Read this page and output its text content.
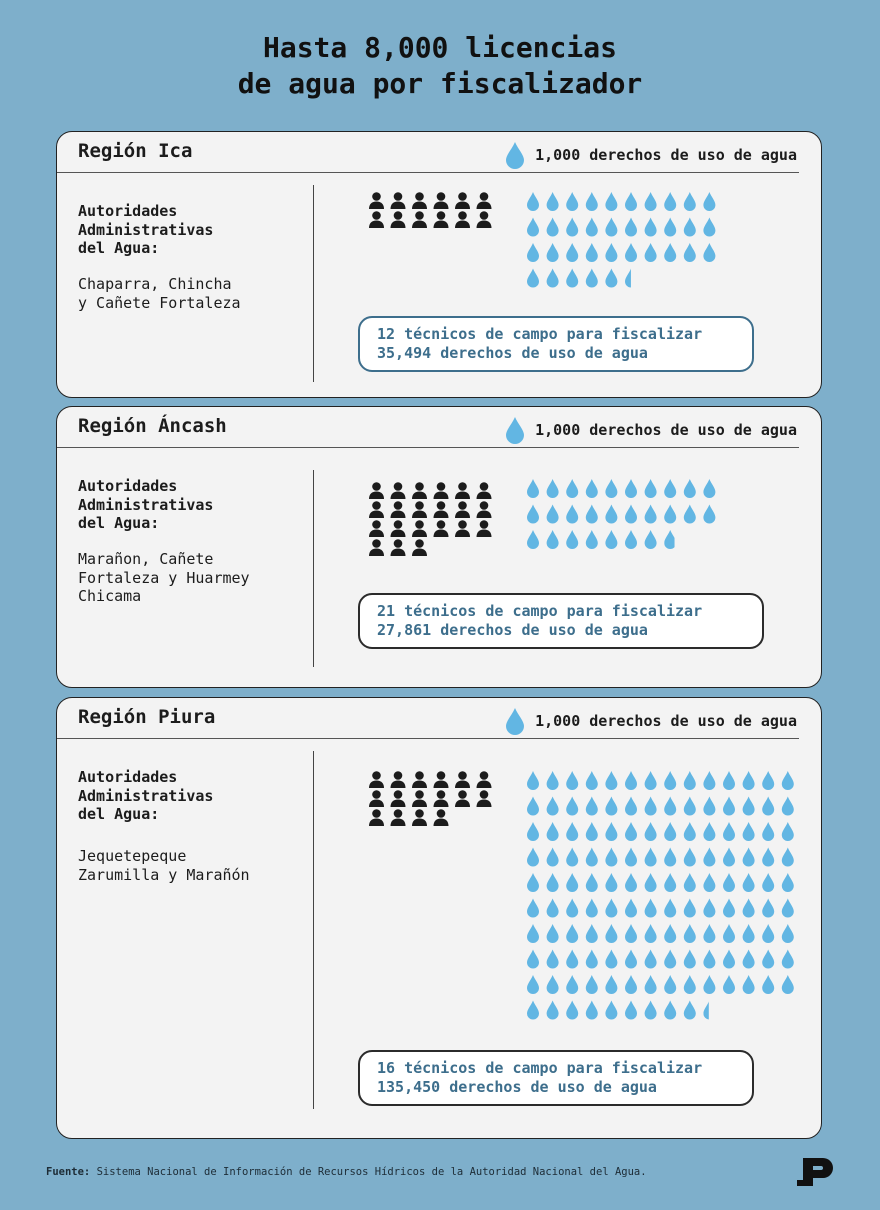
Hasta 8,000 licencias
de agua por fiscalizador
Región Ica	1,000 derechos de uso de agua
Autoridades
Administrativas
del Agua:
Chaparra, Chincha
y Cañete Fortaleza
12 técnicos de campo para fiscalizar
35,494 derechos de uso de agua
Región Áncash	1,000 derechos de uso de agua
Autoridades
Administrativas
del Agua:
Marañon, Cañete
Fortaleza y Huarmey
Chicama
21 técnicos de campo para fiscalizar
27,861 derechos de uso de agua
Región Piura	1,000 derechos de uso de agua
Autoridades
Administrativas
del Agua:
Jequetepeque
Zarumilla y Marañón
16 técnicos de campo para fiscalizar
135,450 derechos de uso de agua
Fuente: Sistema Nacional de Información de Recursos Hídricos de la Autoridad Nacional del Agua.
